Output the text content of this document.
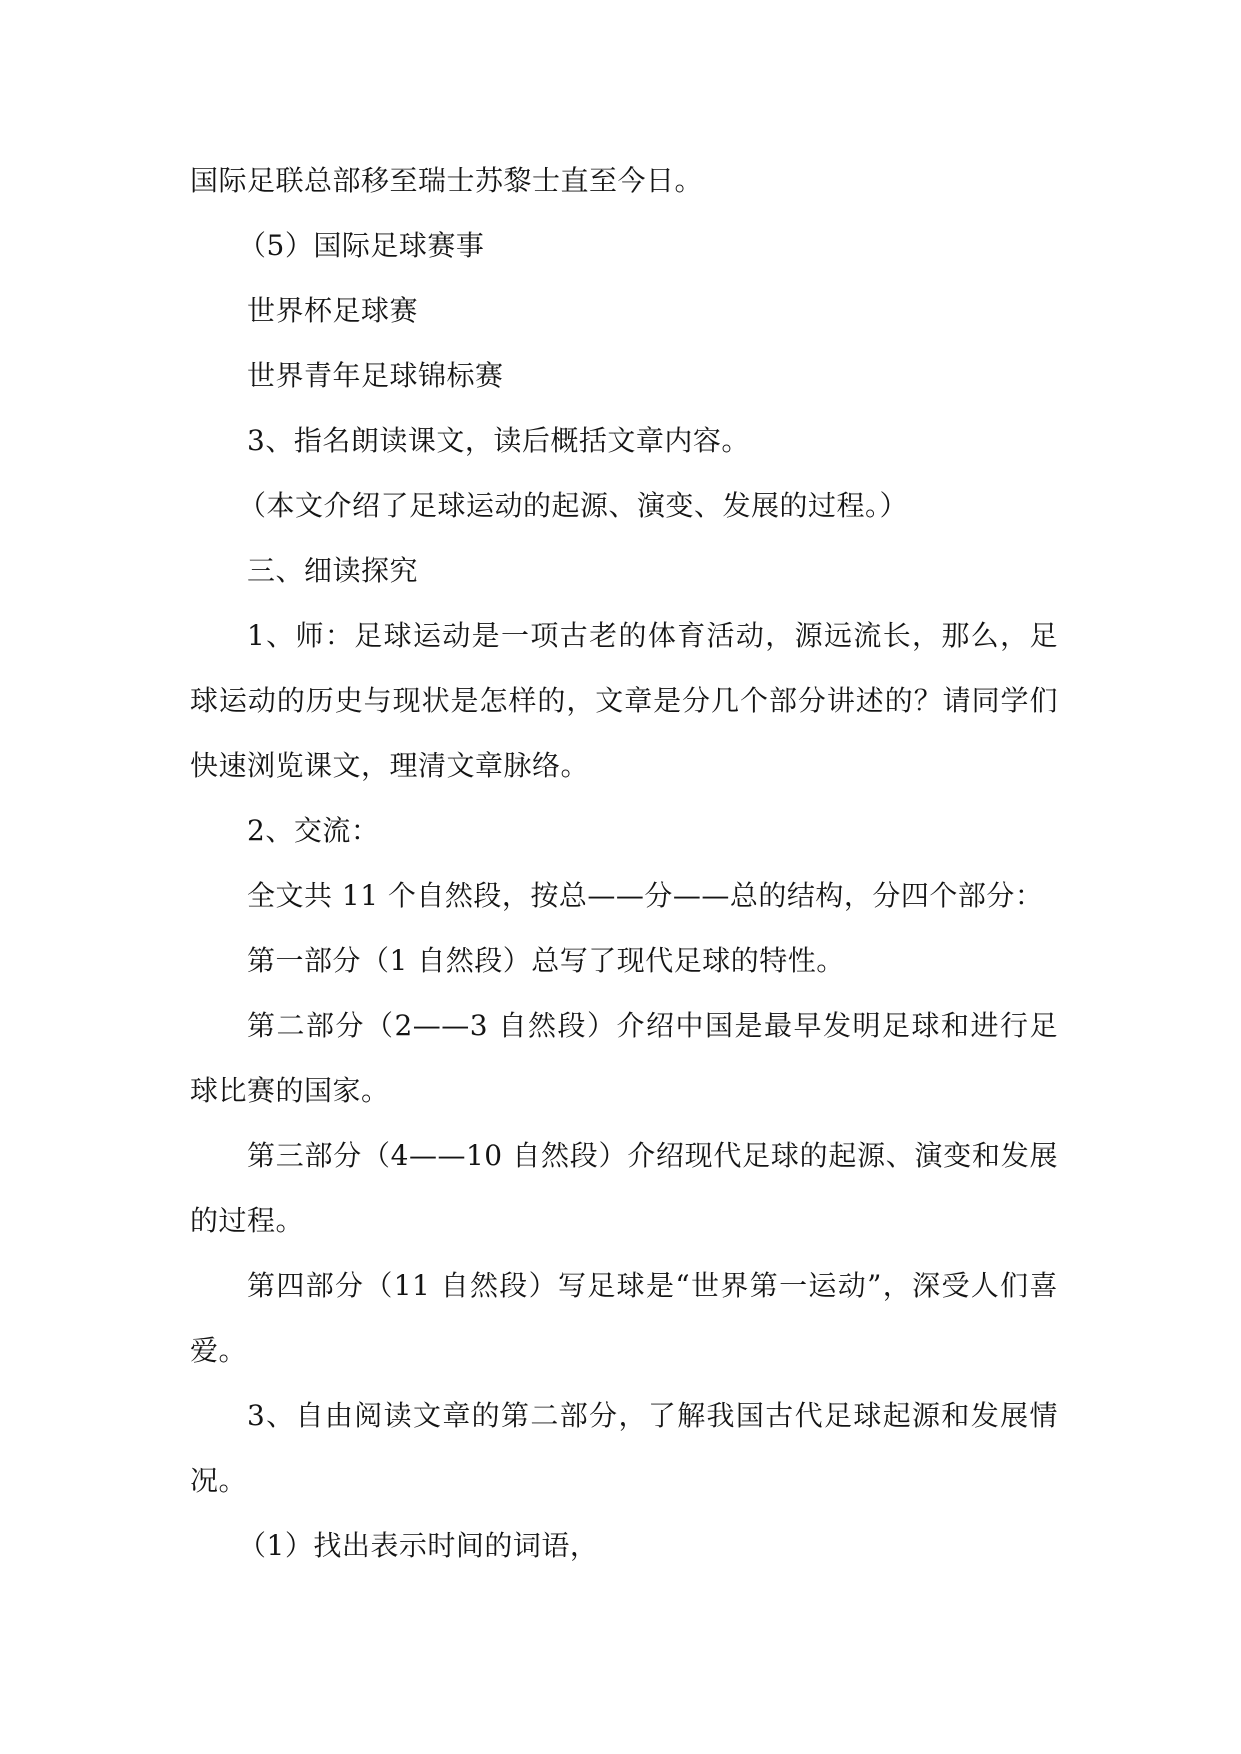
国际足联总部移至瑞士苏黎士直至今日。

（5）国际足球赛事

世界杯足球赛

世界青年足球锦标赛

3、指名朗读课文，读后概括文章内容。

（本文介绍了足球运动的起源、演变、发展的过程。）

三、细读探究

1、师：足球运动是一项古老的体育活动，源远流长，那么，足球运动的历史与现状是怎样的，文章是分几个部分讲述的？请同学们快速浏览课文，理清文章脉络。

2、交流：

全文共 11 个自然段，按总——分——总的结构，分四个部分：

第一部分（1 自然段）总写了现代足球的特性。

第二部分（2——3 自然段）介绍中国是最早发明足球和进行足球比赛的国家。

第三部分（4——10 自然段）介绍现代足球的起源、演变和发展的过程。

第四部分（11 自然段）写足球是“世界第一运动”，深受人们喜爱。

3、自由阅读文章的第二部分，了解我国古代足球起源和发展情况。

（1）找出表示时间的词语，
